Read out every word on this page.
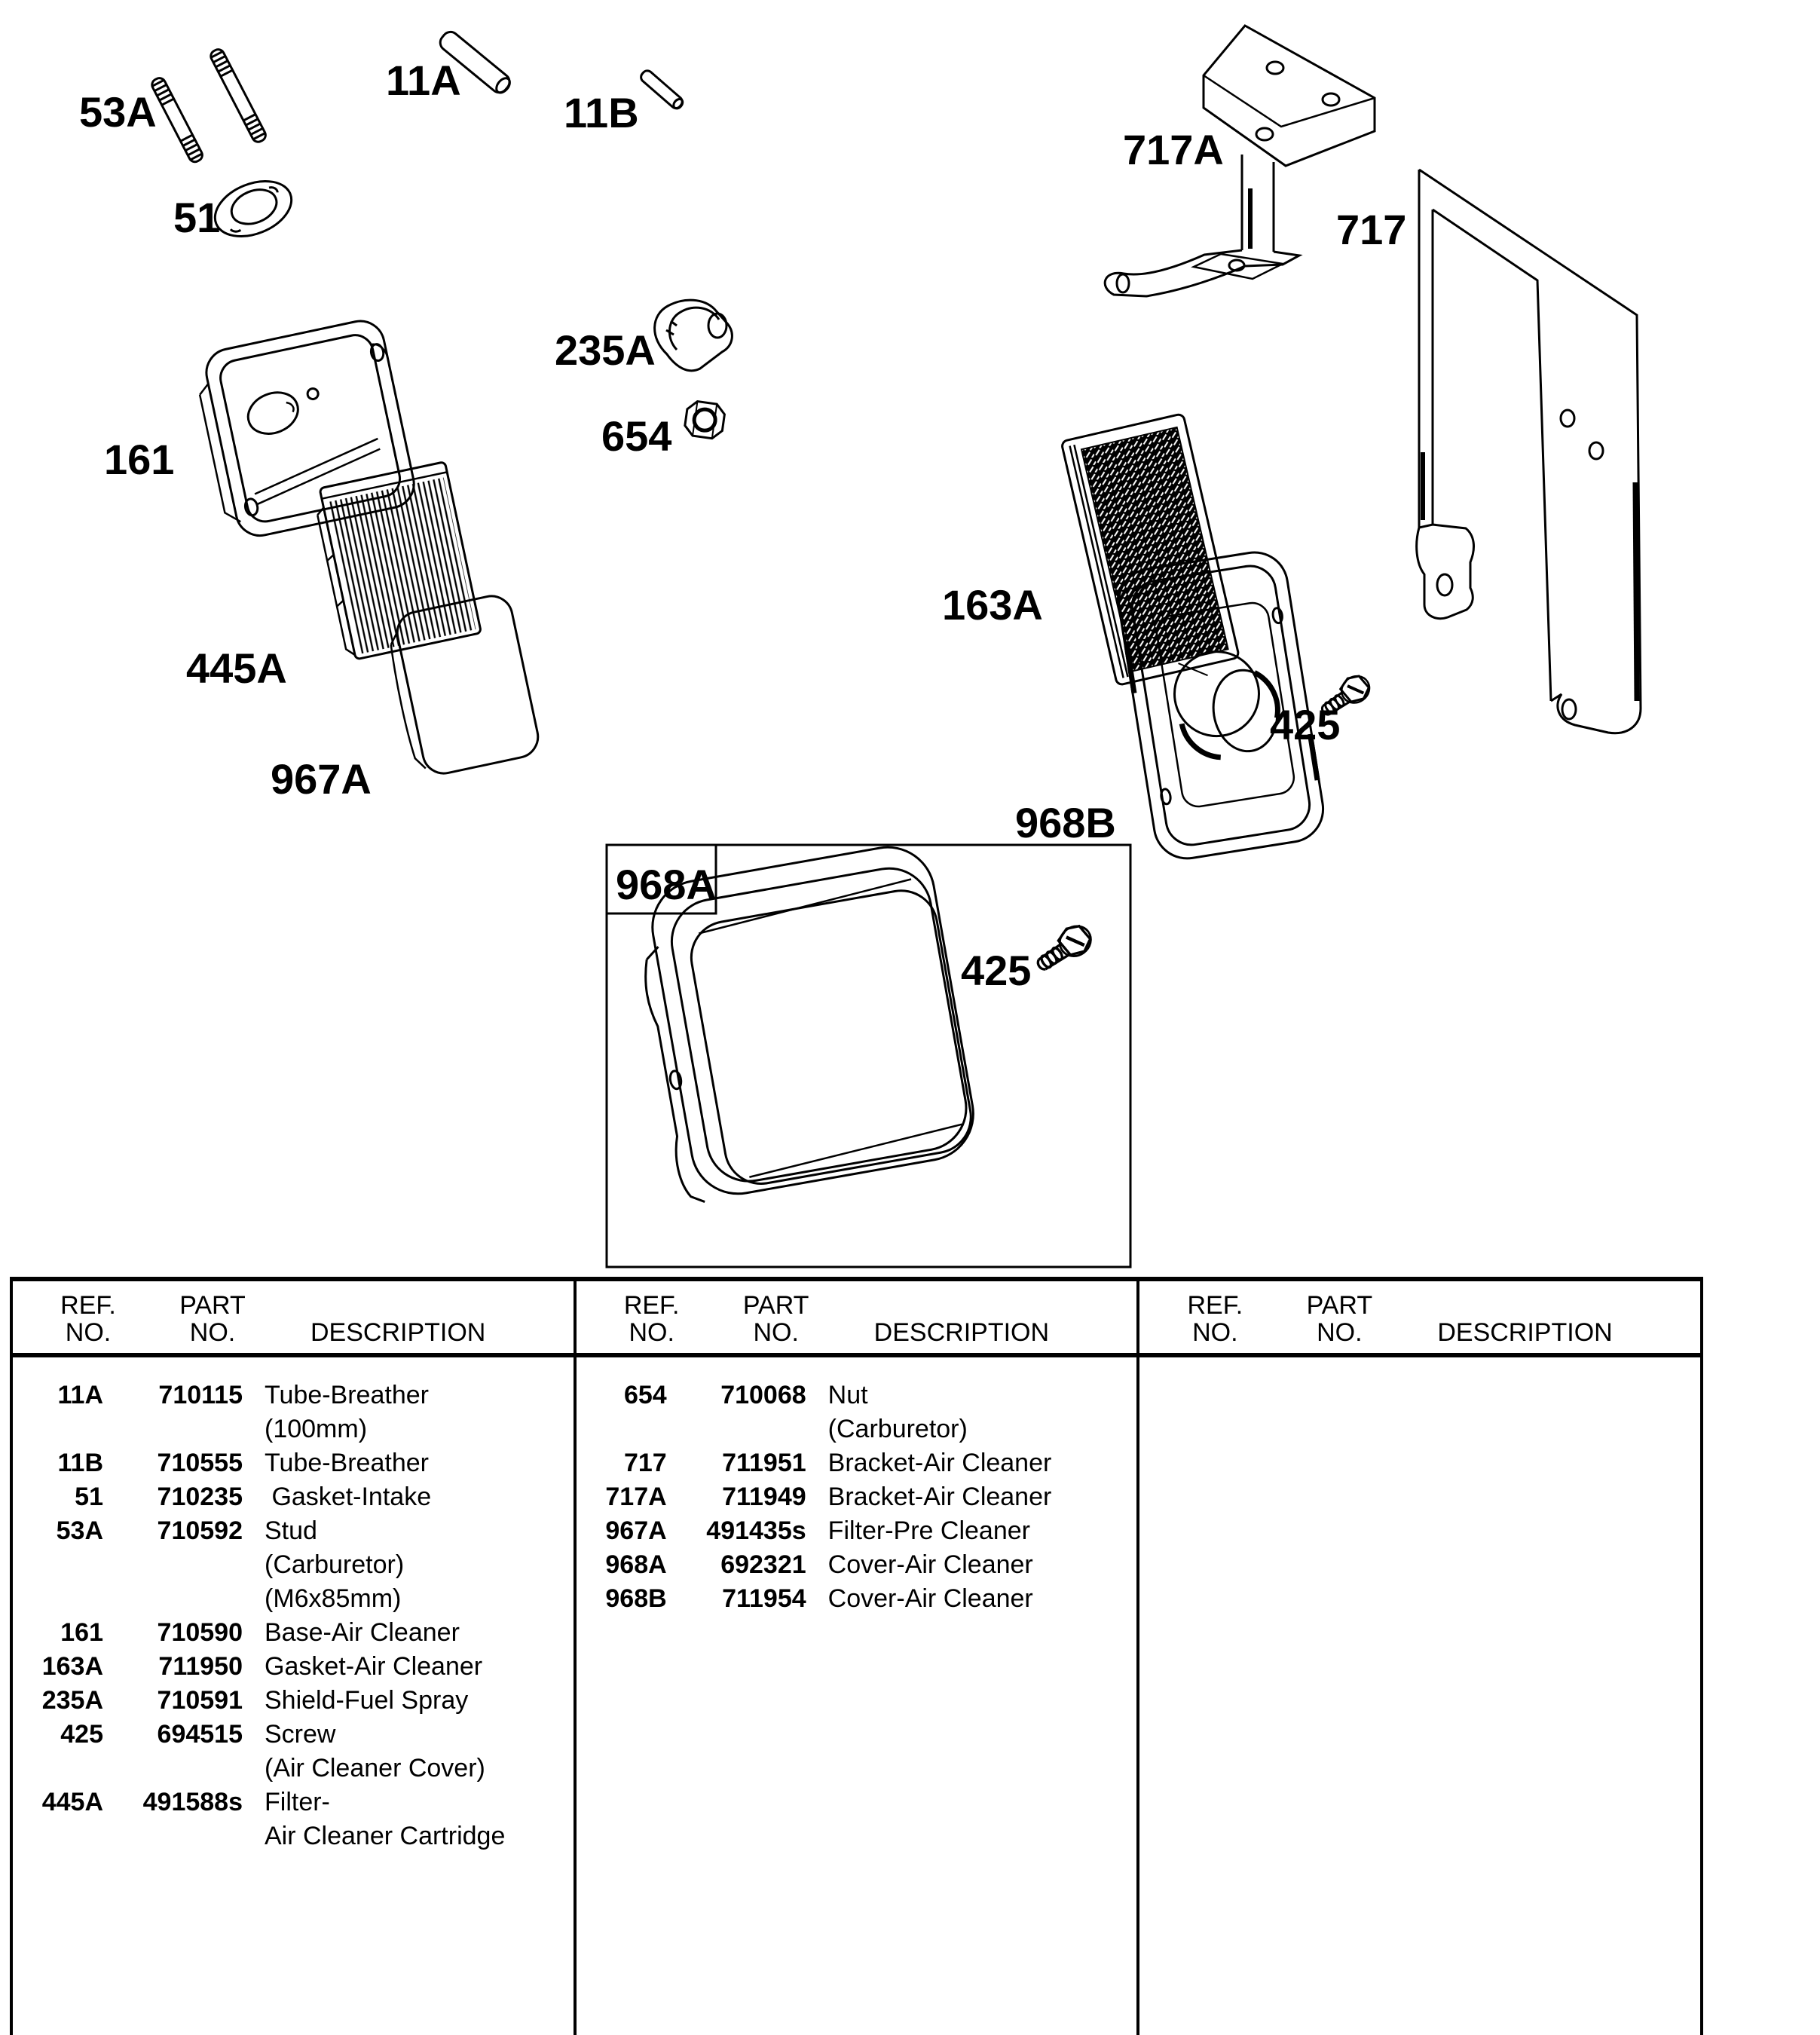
53A
11A
11B
51
717A
717
235A
654
161
163A
445A
968B
425
967A
968A
425
REF.
NO.
PART
NO.	DESCRIPTION
11A	710115 Tube-Breather
(100mm)
11B	710555 Tube-Breather
51	710235 Gasket-Intake
53A	710592 Stud
(Carburetor)
(M6x85mm)
161	710590 Base-Air Cleaner
163A	711950 Gasket-Air Cleaner
235A	710591 Shield-Fuel Spray
425	694515 Screw
(Air Cleaner Cover)
445A	491588s Filter-
Air Cleaner Cartridge
REF.
NO.
PART
NO.	DESCRIPTION
654	710068 Nut
(Carburetor)
717	711951 Bracket-Air Cleaner
717A	711949 Bracket-Air Cleaner
967A	491435s Filter-Pre Cleaner
968A	692321 Cover-Air Cleaner
968B	711954 Cover-Air Cleaner
REF.
NO.
PART
NO.	DESCRIPTION
